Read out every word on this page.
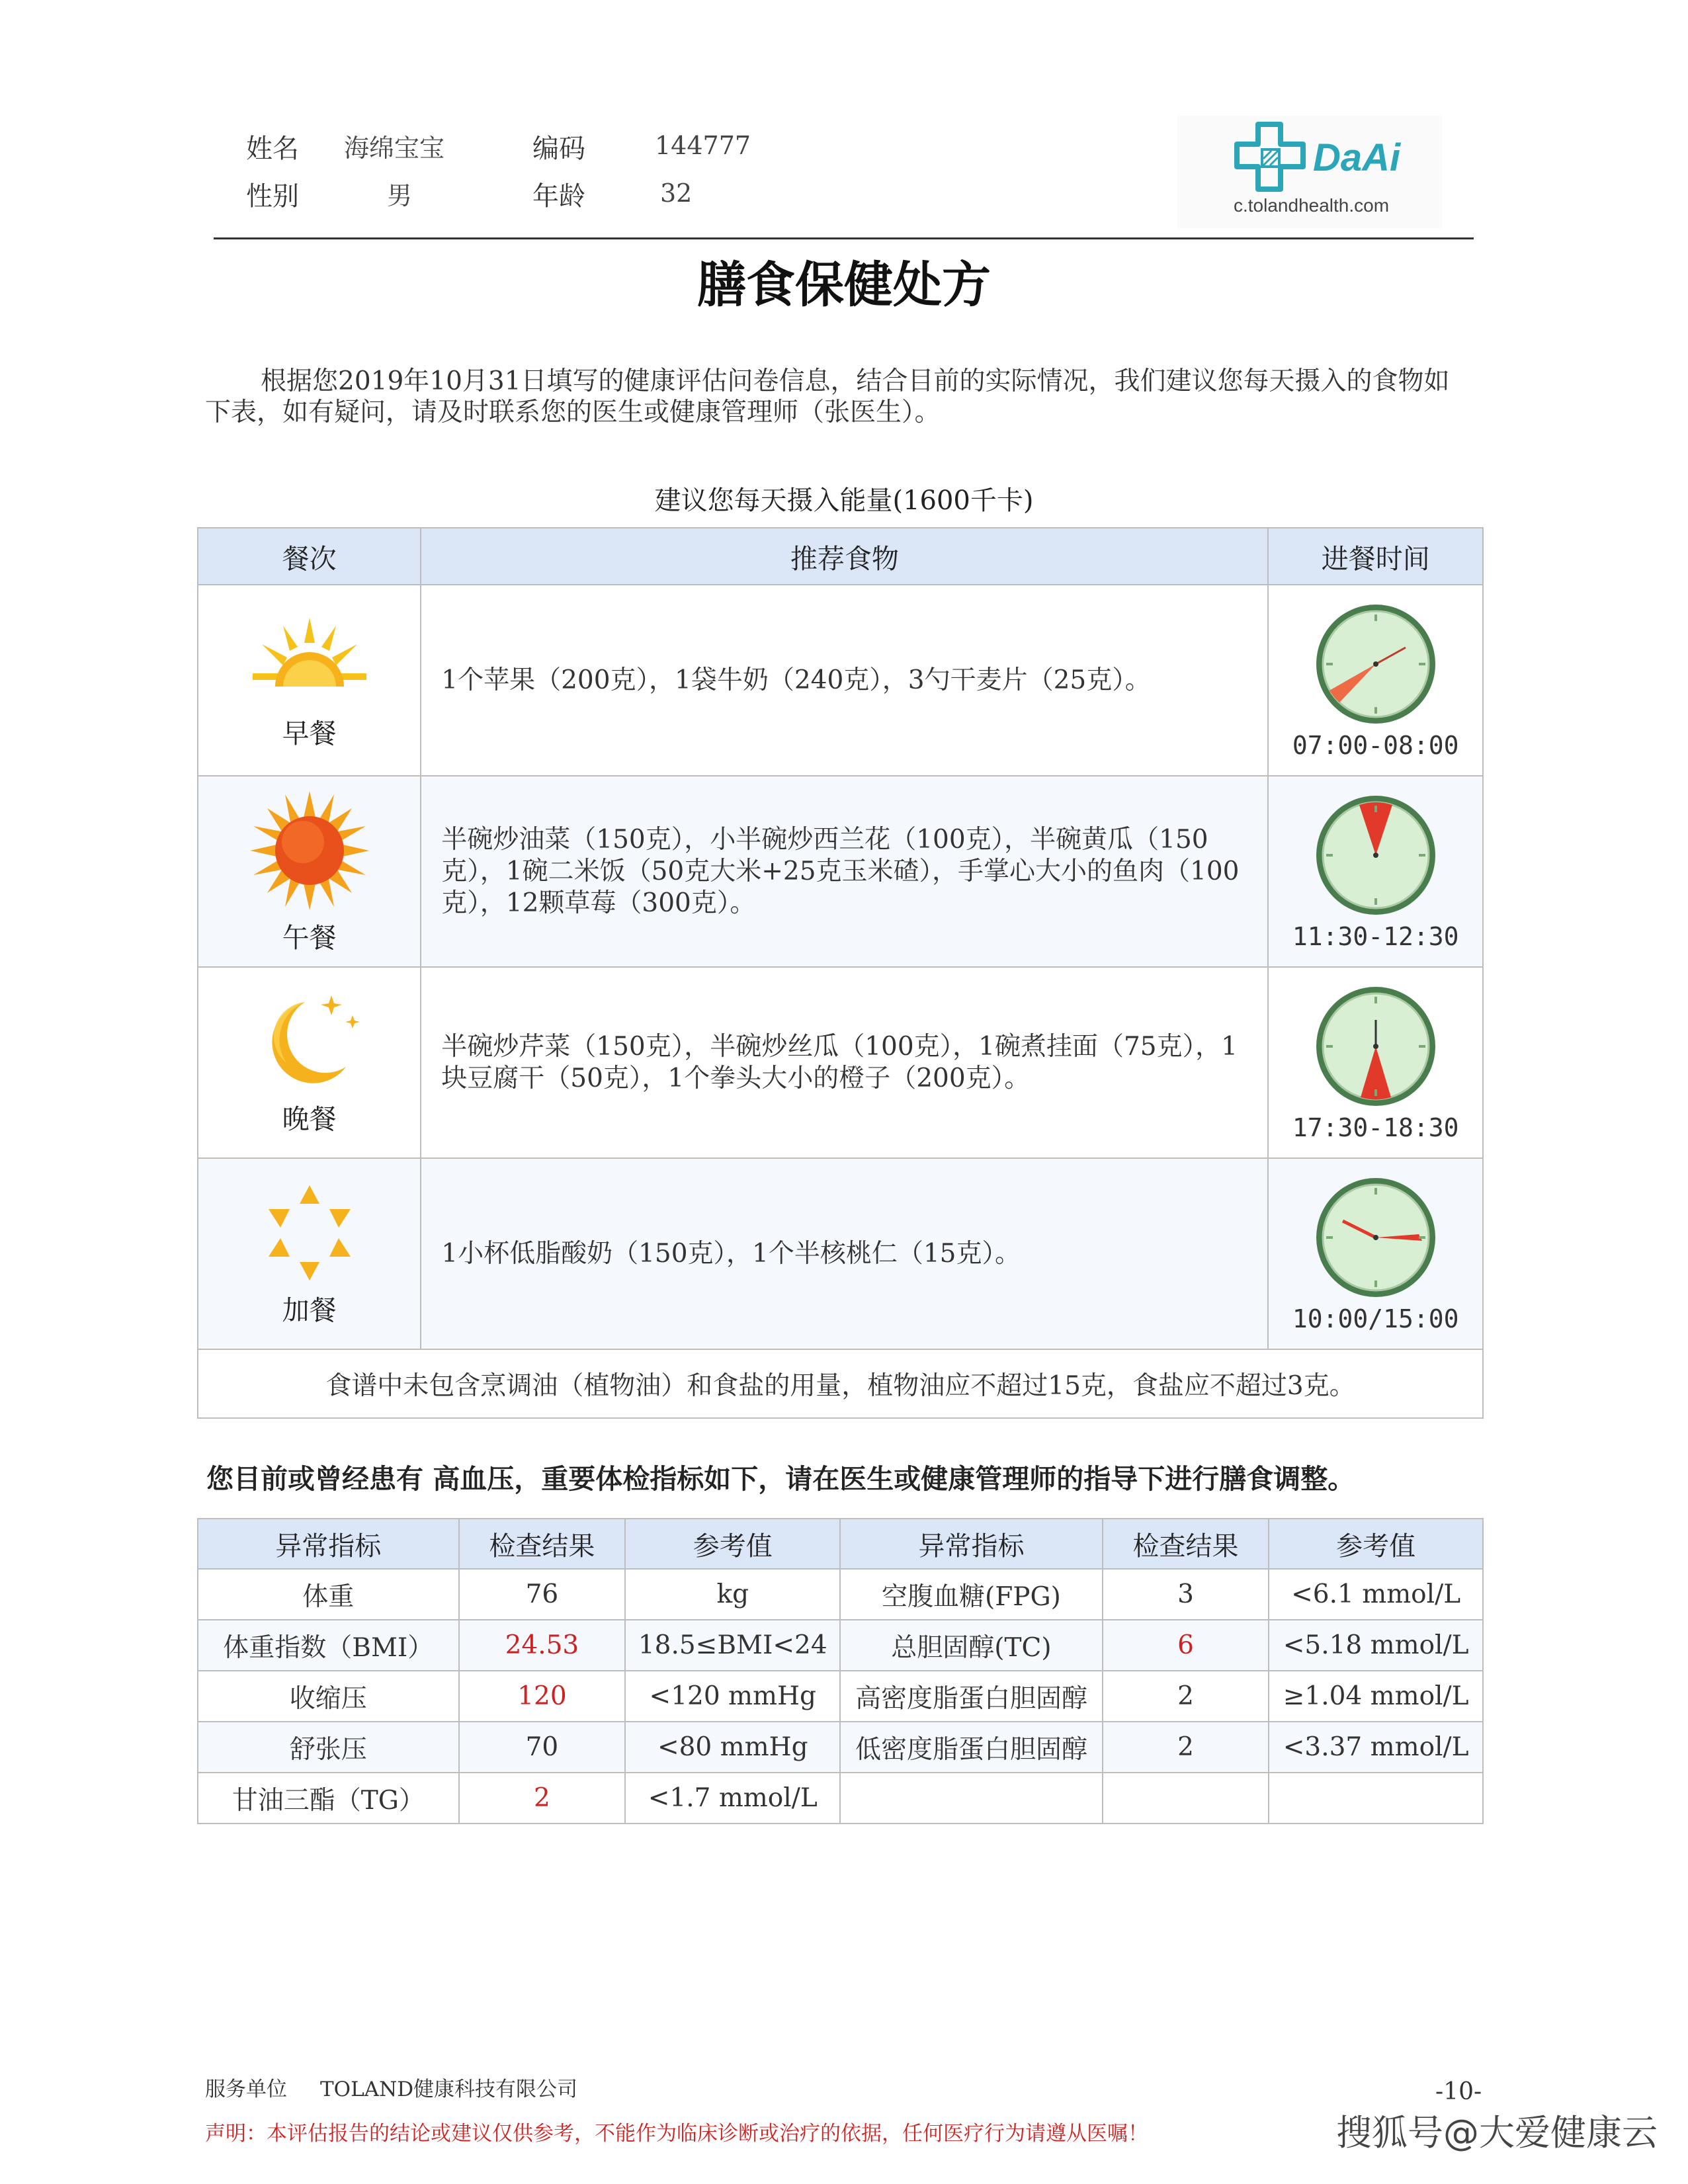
姓名 海绵宝宝	编码	144777
性别	男	年龄	32
DaAi
c.tolandhealth.com
膳食保健处方
根据您2019年10月31日填写的健康评估问卷信息，结合目前的实际情况，我们建议您每天摄入的食物如下表，如有疑问，请及时联系您的医生或健康管理师（张医生）。
建议您每天摄入能量(1600千卡)
餐次	推荐食物	进餐时间

早餐	1个苹果（200克），1袋牛奶（240克），3勺干麦片（25克）。	07:00-08:00

午餐	半碗炒油菜（150克），小半碗炒西兰花（100克），半碗黄瓜（150克），1碗二米饭（50克大米+25克玉米碴），手掌心大小的鱼肉（100克），12颗草莓（300克）。	11:30-12:30

晚餐	半碗炒芹菜（150克），半碗炒丝瓜（100克），1碗煮挂面（75克），1块豆腐干（50克），1个拳头大小的橙子（200克）。	17:30-18:30

加餐	1小杯低脂酸奶（150克），1个半核桃仁（15克）。	10:00/15:00

食谱中未包含烹调油（植物油）和食盐的用量，植物油应不超过15克，食盐应不超过3克。		
您目前或曾经患有 高血压，重要体检指标如下，请在医生或健康管理师的指导下进行膳食调整。
异常指标	检查结果	参考值	异常指标	检查结果	参考值
体重	76	kg	空腹血糖(FPG)	3	<6.1 mmol/L
体重指数（BMI）	24.53	18.5≤BMI<24	总胆固醇(TC)	6	<5.18 mmol/L
收缩压	120	<120 mmHg	高密度脂蛋白胆固醇	2	≥1.04 mmol/L
舒张压	70	<80 mmHg	低密度脂蛋白胆固醇	2	<3.37 mmol/L
甘油三酯（TG）	2	<1.7 mmol/L			
服务单位 TOLAND健康科技有限公司	-10-
声明：本评估报告的结论或建议仅供参考，不能作为临床诊断或治疗的依据，任何医疗行为请遵从医嘱！	搜狐号@大爱健康云
